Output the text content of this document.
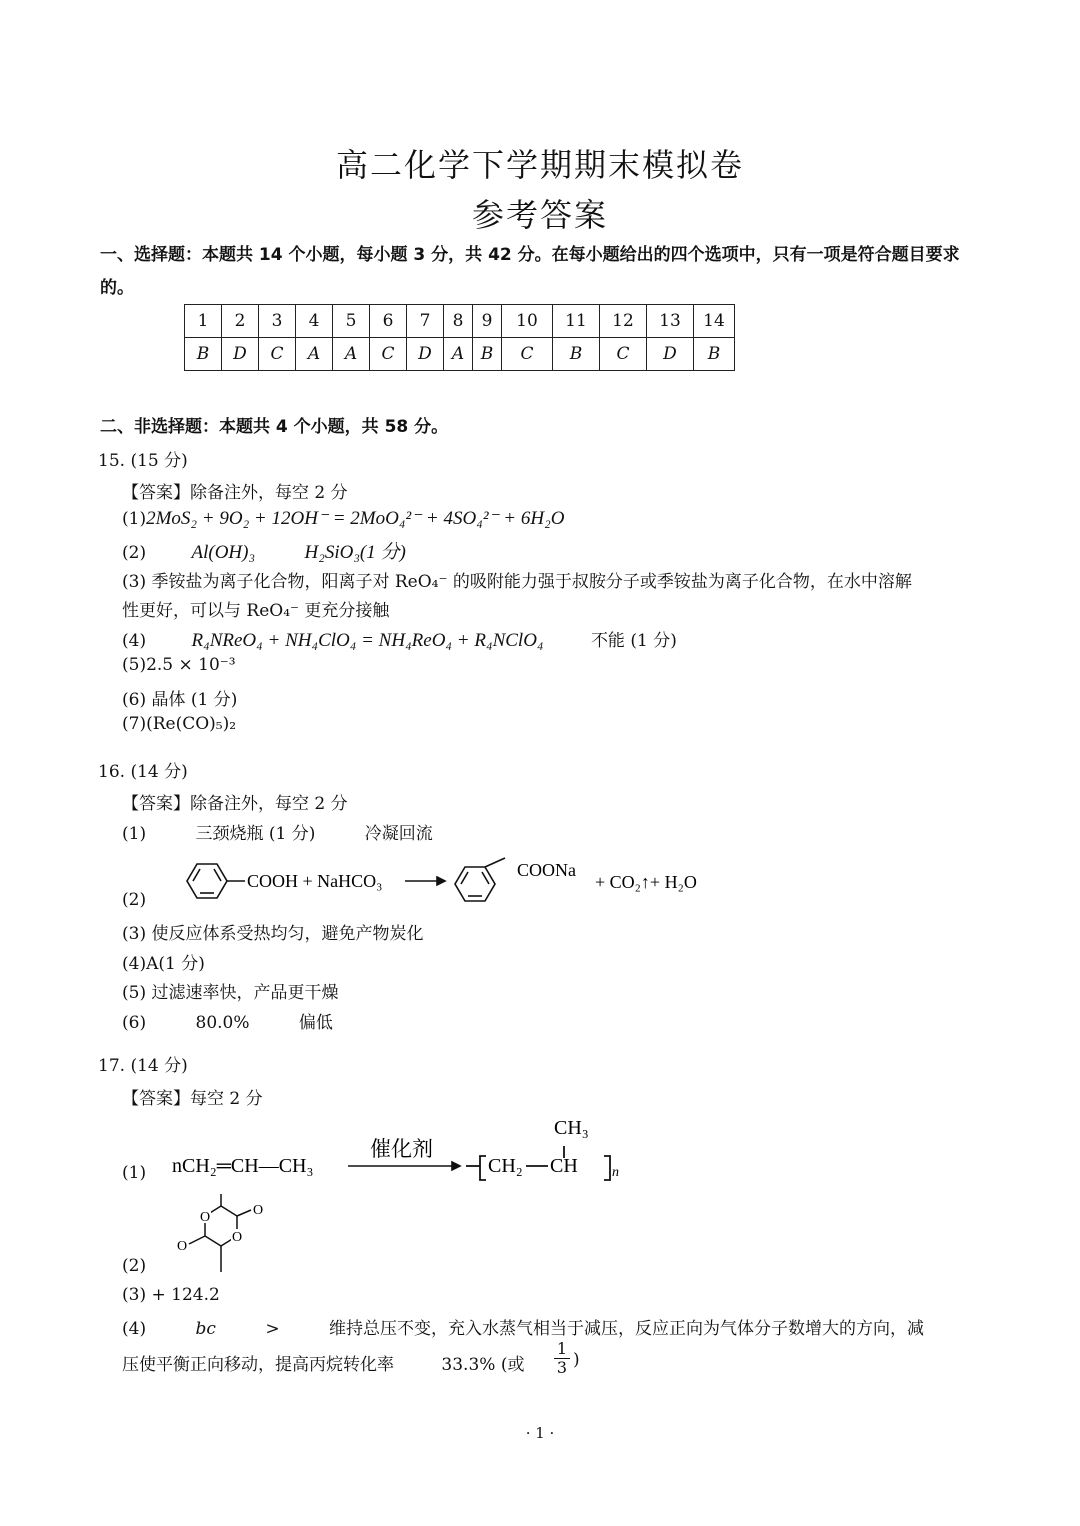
高二化学下学期期末模拟卷
参考答案
一、选择题：本题共 14 个小题，每小题 3 分，共 42 分。在每小题给出的四个选项中，只有一项是符合题目要求
的。
1	2	3	4	5	6	7	8	9	10	11	12	13	14
B	D	C	A	A	C	D	A	B	C	B	C	D	B
二、非选择题：本题共 4 个小题，共 58 分。
15. (15 分)
【答案】除备注外，每空 2 分
(1)2MoS₂ + 9O₂ + 12OH⁻ = 2MoO₄²⁻ + 4SO₄²⁻ + 6H₂O
(2) Al(OH)₃	H₂SiO₃(1 分)
(3) 季铵盐为离子化合物，阳离子对 ReO₄⁻ 的吸附能力强于叔胺分子或季铵盐为离子化合物，在水中溶解
性更好，可以与 ReO₄⁻ 更充分接触
(4) R₄NReO₄ + NH₄ClO₄ = NH₄ReO₄ + R₄NClO₄	不能 (1 分)
(5)2.5 × 10⁻³
(6) 晶体 (1 分)
(7)(Re(CO)₅)₂
16. (14 分)
【答案】除备注外，每空 2 分
(1)	三颈烧瓶 (1 分)	冷凝回流
(2)
COOH + NaHCO₃
COONa
+ CO₂↑+ H₂O
(3) 使反应体系受热均匀，避免产物炭化
(4)A(1 分)
(5) 过滤速率快，产品更干燥
(6)	80.0%	偏低
17. (14 分)
【答案】每空 2 分
(1) nCH₂═CH—CH₃
催化剂
CH₂ CH
CH₃
n
O
O
O
O
(2)
(3) + 124.2
(4)	bc	>	维持总压不变，充入水蒸气相当于减压，反应正向为气体分子数增大的方向，减
压使平衡正向移动，提高丙烷转化率	33.3% (或 $\frac{1}{3}$ )
· 1 ·
